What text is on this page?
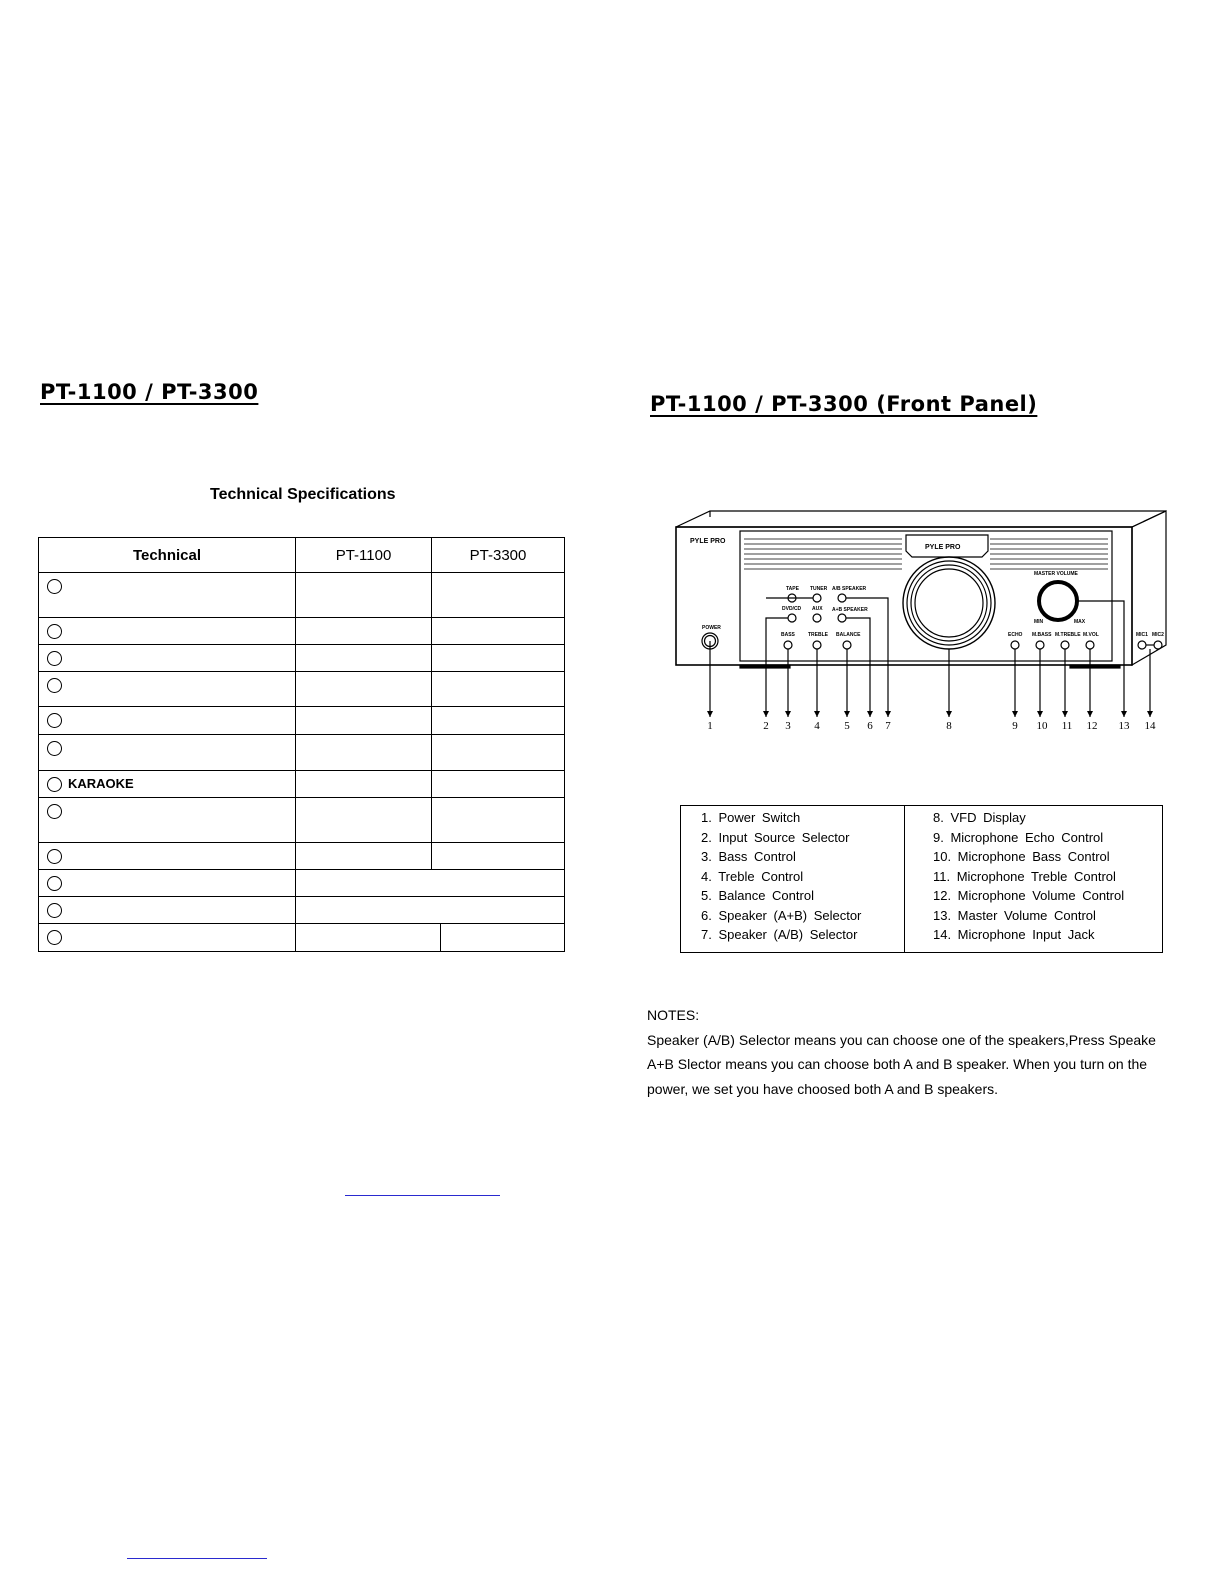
PT-1100 / PT-3300
Technical Specifications
Technical	PT-1100	PT-3300

KARAOKE		

PT-1100 / PT-3300 (Front Panel)
PYLE PRO
PYLE PRO
TAPE TUNER
DVD/CD AUX
A/B SPEAKER
A+B SPEAKER
BASS	TREBLE BALANCE
POWER
MASTER VOLUME
MIN	MAX
ECHO M.BASS M.TREBLE M.VOL	MIC1 MIC2
1	2 3 4 5 6 7	8	9 10 11 12 13 14
1. Power Switch
2. Input Source Selector
3. Bass Control
4. Treble Control
5. Balance Control
6. Speaker (A+B) Selector
7. Speaker (A/B) Selector

8. VFD Display
9. Microphone Echo Control
10. Microphone Bass Control
11. Microphone Treble Control
12. Microphone Volume Control
13. Master Volume Control
14. Microphone Input Jack
NOTES:
Speaker (A/B) Selector means you can choose one of the speakers,Press Speake
A+B Slector means you can choose both A and B speaker. When you turn on the
power, we set you have choosed both A and B speakers.
